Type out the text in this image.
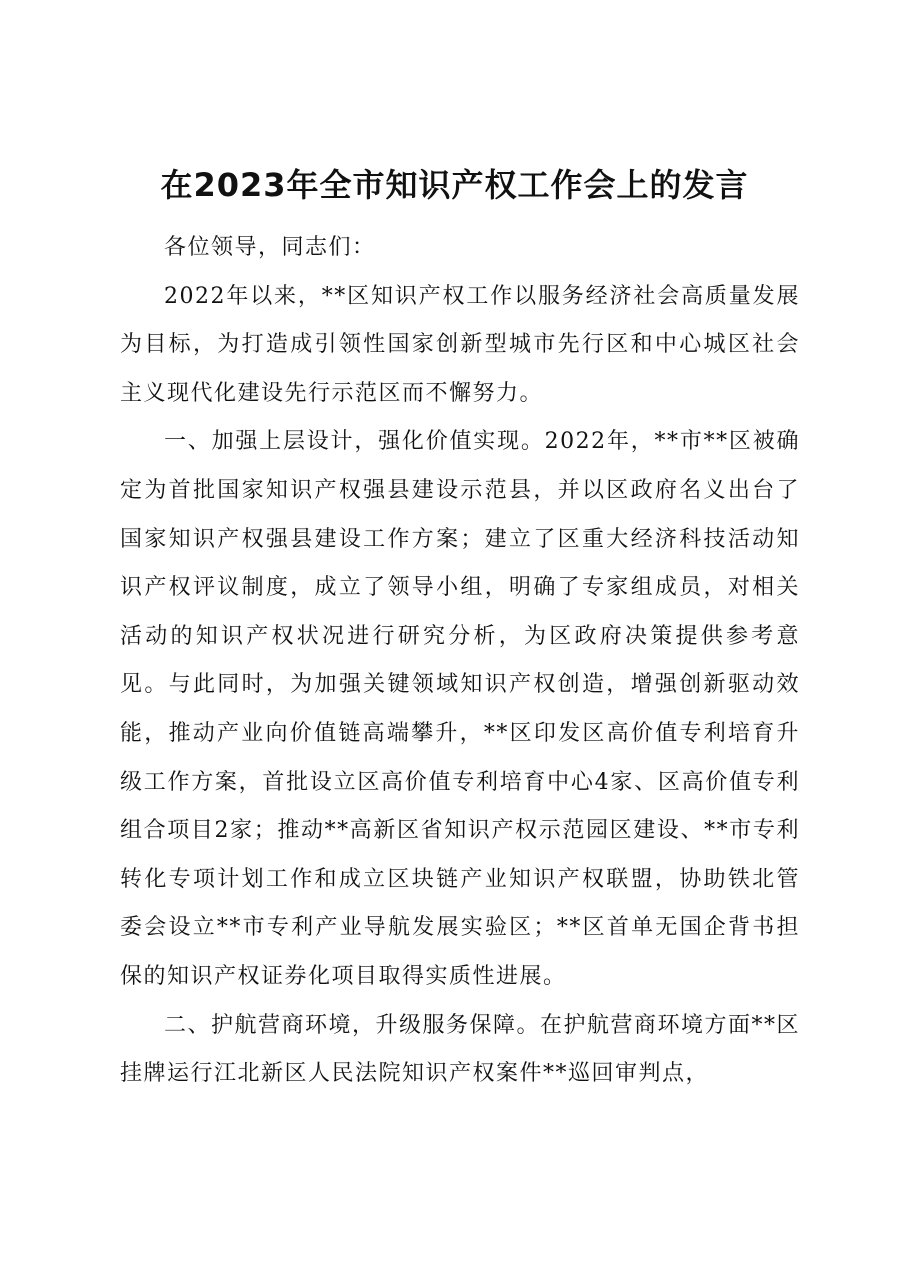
在2023年全市知识产权工作会上的发言

各位领导，同志们：

2022年以来，**区知识产权工作以服务经济社会高质量发展为目标，为打造成引领性国家创新型城市先行区和中心城区社会主义现代化建设先行示范区而不懈努力。

一、加强上层设计，强化价值实现。2022年，**市**区被确定为首批国家知识产权强县建设示范县，并以区政府名义出台了国家知识产权强县建设工作方案；建立了区重大经济科技活动知识产权评议制度，成立了领导小组，明确了专家组成员，对相关活动的知识产权状况进行研究分析，为区政府决策提供参考意见。与此同时，为加强关键领域知识产权创造，增强创新驱动效能，推动产业向价值链高端攀升，**区印发区高价值专利培育升级工作方案，首批设立区高价值专利培育中心4家、区高价值专利组合项目2家；推动**高新区省知识产权示范园区建设、**市专利转化专项计划工作和成立区块链产业知识产权联盟，协助铁北管委会设立**市专利产业导航发展实验区；**区首单无国企背书担保的知识产权证券化项目取得实质性进展。

二、护航营商环境，升级服务保障。在护航营商环境方面**区挂牌运行江北新区人民法院知识产权案件**巡回审判点，
